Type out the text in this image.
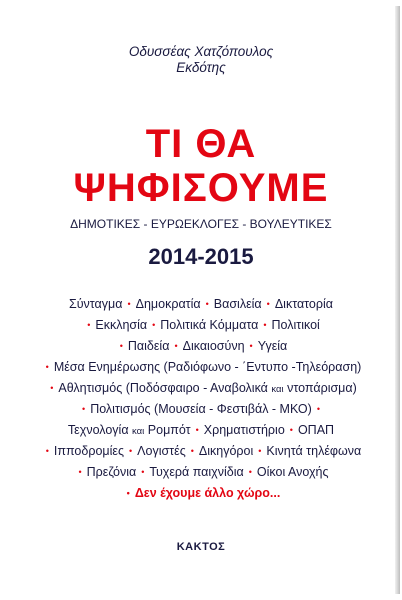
Οδυσσέας Χατζόπουλος
Εκδότης
ΤΙ ΘΑ
ΨΗΦΙΣΟΥΜΕ
ΔΗΜΟΤΙΚΕΣ - ΕΥΡΩΕΚΛΟΓΕΣ - ΒΟΥΛΕΥΤΙΚΕΣ
2014-2015
Σύνταγμα • Δημοκρατία • Βασιλεία • Δικτατορία
• Εκκλησία • Πολιτικά Κόμματα • Πολιτικοί
• Παιδεία • Δικαιοσύνη • Υγεία
• Μέσα Ενημέρωσης (Ραδιόφωνο - ΄Εντυπο -Τηλεόραση)
• Αθλητισμός (Ποδόσφαιρο - Αναβολικά και ντοπάρισμα)
• Πολιτισμός (Μουσεία - Φεστιβάλ - ΜΚΟ) •
Τεχνολογία και Ρομπότ • Χρηματιστήριο • ΟΠΑΠ
• Ιπποδρομίες • Λογιστές • Δικηγόροι • Κινητά τηλέφωνα
• Πρεζόνια • Τυχερά παιχνίδια • Οίκοι Ανοχής
• Δεν έχουμε άλλο χώρο...
ΚΑΚΤΟΣ
